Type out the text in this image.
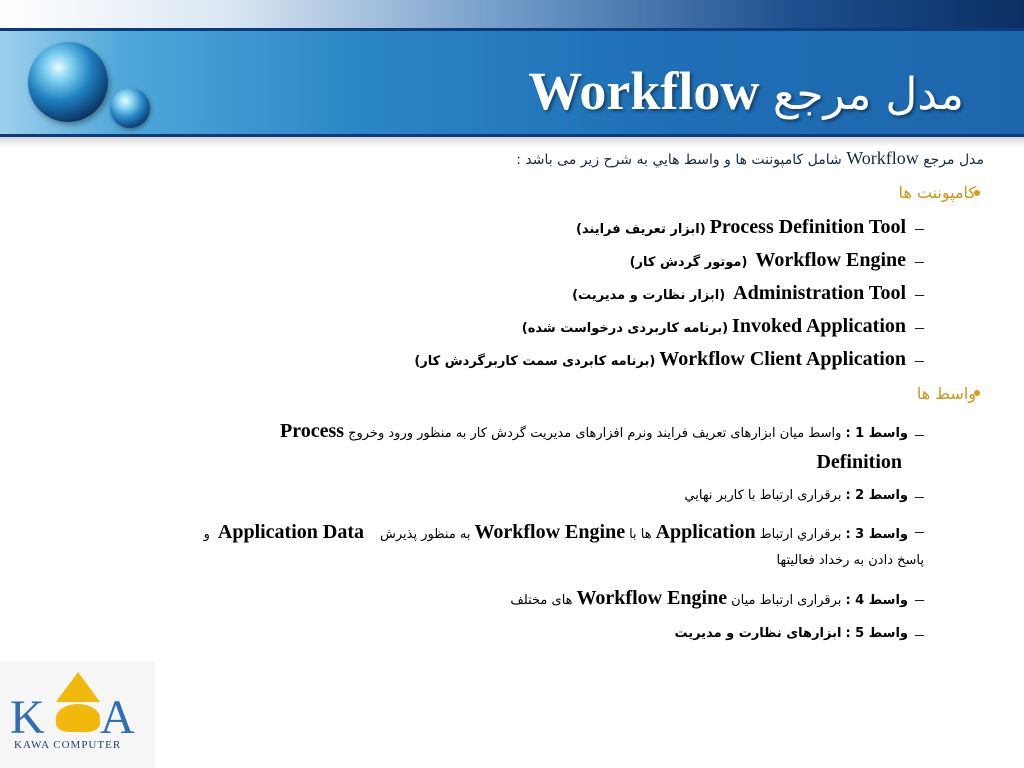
مدل مرجع Workflow
مدل مرجع Workflow شامل کامپوننت ها و واسط هايي به شرح زير می باشد :
کامپوننت ها
Process Definition Tool (ابزار تعریف فرایند)	–
Workflow Engine  (موتور گردش کار)	–
Administration Tool  (ابزار نظارت و مدیریت)	–
Invoked Application (برنامه کاربردی درخواست شده)	–
Workflow Client Application (برنامه کابردی سمت کاربرگردش کار)	–
واسط ها
واسط 1 : واسط میان ابزارهای تعریف فرایند ونرم افزارهای مدیریت گردش کار به منظور ورود وخروج Process	–
Definition
واسط 2 : برقراری ارتباط با کاربر نهايي	–
واسط 3 : برقراري ارتباط Application ها با Workflow Engine به منظور پذیرش    Application Data  و	–
پاسخ دادن به رخداد فعالیتها
واسط 4 : برقراری ارتباط میان Workflow Engine های مختلف	–
واسط 5 : ابزارهای نظارت و مدیریت	–
K A
KAWA COMPUTER
